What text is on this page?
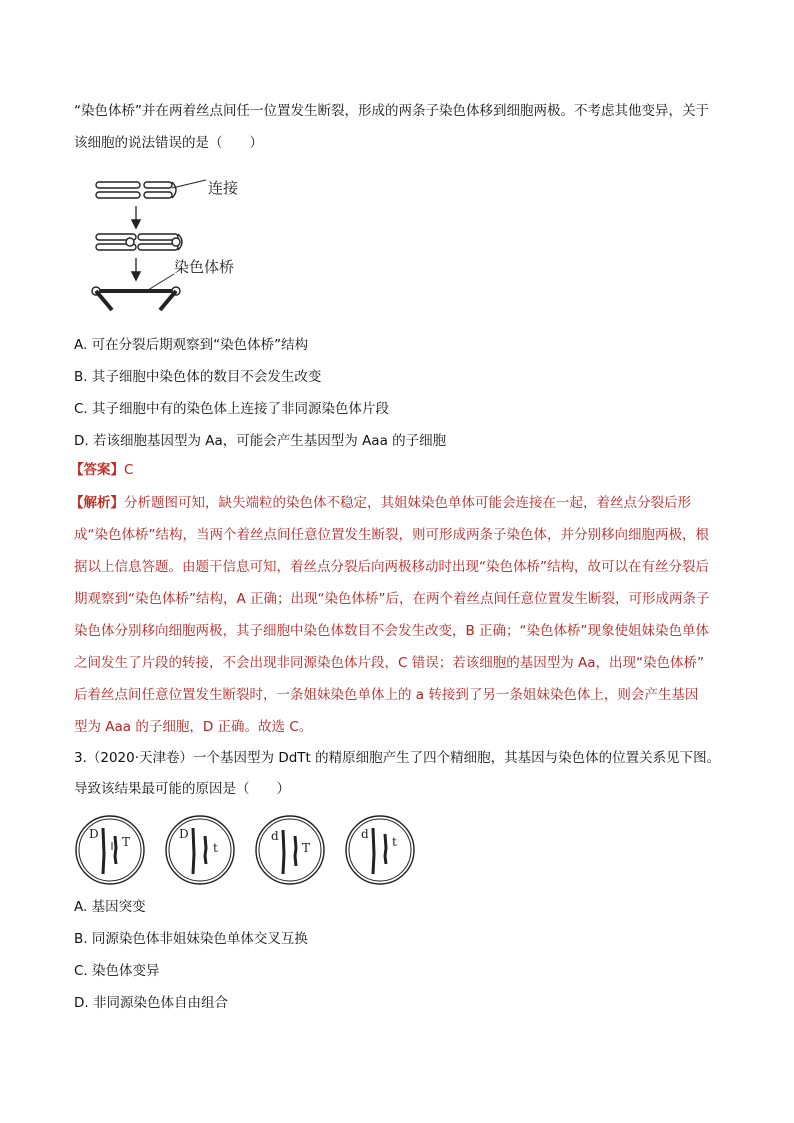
“染色体桥”并在两着丝点间任一位置发生断裂，形成的两条子染色体移到细胞两极。不考虑其他变异，关于
该细胞的说法错误的是（　　）
连接
染色体桥
A. 可在分裂后期观察到“染色体桥”结构
B. 其子细胞中染色体的数目不会发生改变
C. 其子细胞中有的染色体上连接了非同源染色体片段
D. 若该细胞基因型为 Aa，可能会产生基因型为 Aaa 的子细胞
【答案】C
【解析】分析题图可知，缺失端粒的染色体不稳定，其姐妹染色单体可能会连接在一起，着丝点分裂后形
成“染色体桥”结构，当两个着丝点间任意位置发生断裂，则可形成两条子染色体，并分别移向细胞两极，根
据以上信息答题。由题干信息可知，着丝点分裂后向两极移动时出现“染色体桥”结构，故可以在有丝分裂后
期观察到“染色体桥”结构，A 正确；出现“染色体桥”后，在两个着丝点间任意位置发生断裂，可形成两条子
染色体分别移向细胞两极，其子细胞中染色体数目不会发生改变，B 正确；“染色体桥”现象使姐妹染色单体
之间发生了片段的转接，不会出现非同源染色体片段，C 错误；若该细胞的基因型为 Aa，出现“染色体桥”
后着丝点间任意位置发生断裂时，一条姐妹染色单体上的 a 转接到了另一条姐妹染色体上，则会产生基因
型为 Aaa 的子细胞，D 正确。故选 C。
3.（2020·天津卷）一个基因型为 DdTt 的精原细胞产生了四个精细胞，其基因与染色体的位置关系见下图。
导致该结果最可能的原因是（　　）
D
T
D
t
d
T
d
t
A. 基因突变
B. 同源染色体非姐妹染色单体交叉互换
C. 染色体变异
D. 非同源染色体自由组合
